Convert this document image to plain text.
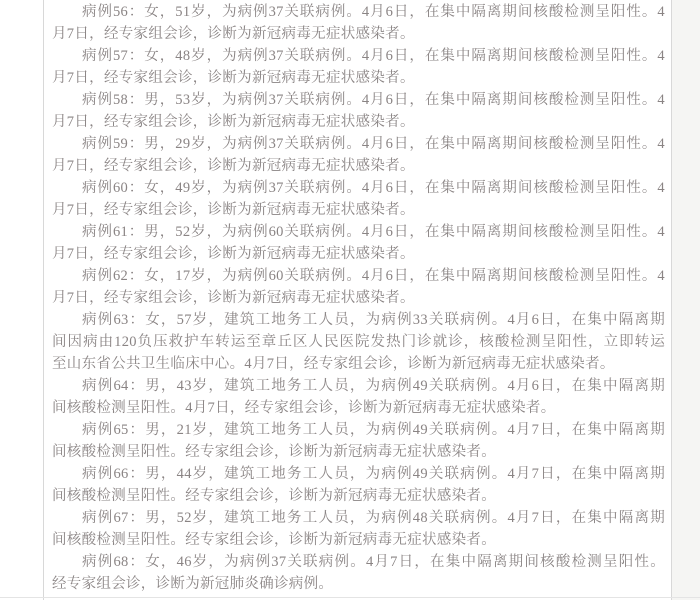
病例56：女，51岁，为病例37关联病例。4月6日，在集中隔离期间核酸检测呈阳性。4
月7日，经专家组会诊，诊断为新冠病毒无症状感染者。
病例57：女，48岁，为病例37关联病例。4月6日，在集中隔离期间核酸检测呈阳性。4
月7日，经专家组会诊，诊断为新冠病毒无症状感染者。
病例58：男，53岁，为病例37关联病例。4月6日，在集中隔离期间核酸检测呈阳性。4
月7日，经专家组会诊，诊断为新冠病毒无症状感染者。
病例59：男，29岁，为病例37关联病例。4月6日，在集中隔离期间核酸检测呈阳性。4
月7日，经专家组会诊，诊断为新冠病毒无症状感染者。
病例60：女，49岁，为病例37关联病例。4月6日，在集中隔离期间核酸检测呈阳性。4
月7日，经专家组会诊，诊断为新冠病毒无症状感染者。
病例61：男，52岁，为病例60关联病例。4月6日，在集中隔离期间核酸检测呈阳性。4
月7日，经专家组会诊，诊断为新冠病毒无症状感染者。
病例62：女，17岁，为病例60关联病例。4月6日，在集中隔离期间核酸检测呈阳性。4
月7日，经专家组会诊，诊断为新冠病毒无症状感染者。
病例63：女，57岁，建筑工地务工人员，为病例33关联病例。4月6日，在集中隔离期
间因病由120负压救护车转运至章丘区人民医院发热门诊就诊，核酸检测呈阳性，立即转运
至山东省公共卫生临床中心。4月7日，经专家组会诊，诊断为新冠病毒无症状感染者。
病例64：男，43岁，建筑工地务工人员，为病例49关联病例。4月6日，在集中隔离期
间核酸检测呈阳性。4月7日，经专家组会诊，诊断为新冠病毒无症状感染者。
病例65：男，21岁，建筑工地务工人员，为病例49关联病例。4月7日，在集中隔离期
间核酸检测呈阳性。经专家组会诊，诊断为新冠病毒无症状感染者。
病例66：男，44岁，建筑工地务工人员，为病例49关联病例。4月7日，在集中隔离期
间核酸检测呈阳性。经专家组会诊，诊断为新冠病毒无症状感染者。
病例67：男，52岁，建筑工地务工人员，为病例48关联病例。4月7日，在集中隔离期
间核酸检测呈阳性。经专家组会诊，诊断为新冠病毒无症状感染者。
病例68：女，46岁，为病例37关联病例。4月7日，在集中隔离期间核酸检测呈阳性。
经专家组会诊，诊断为新冠肺炎确诊病例。
